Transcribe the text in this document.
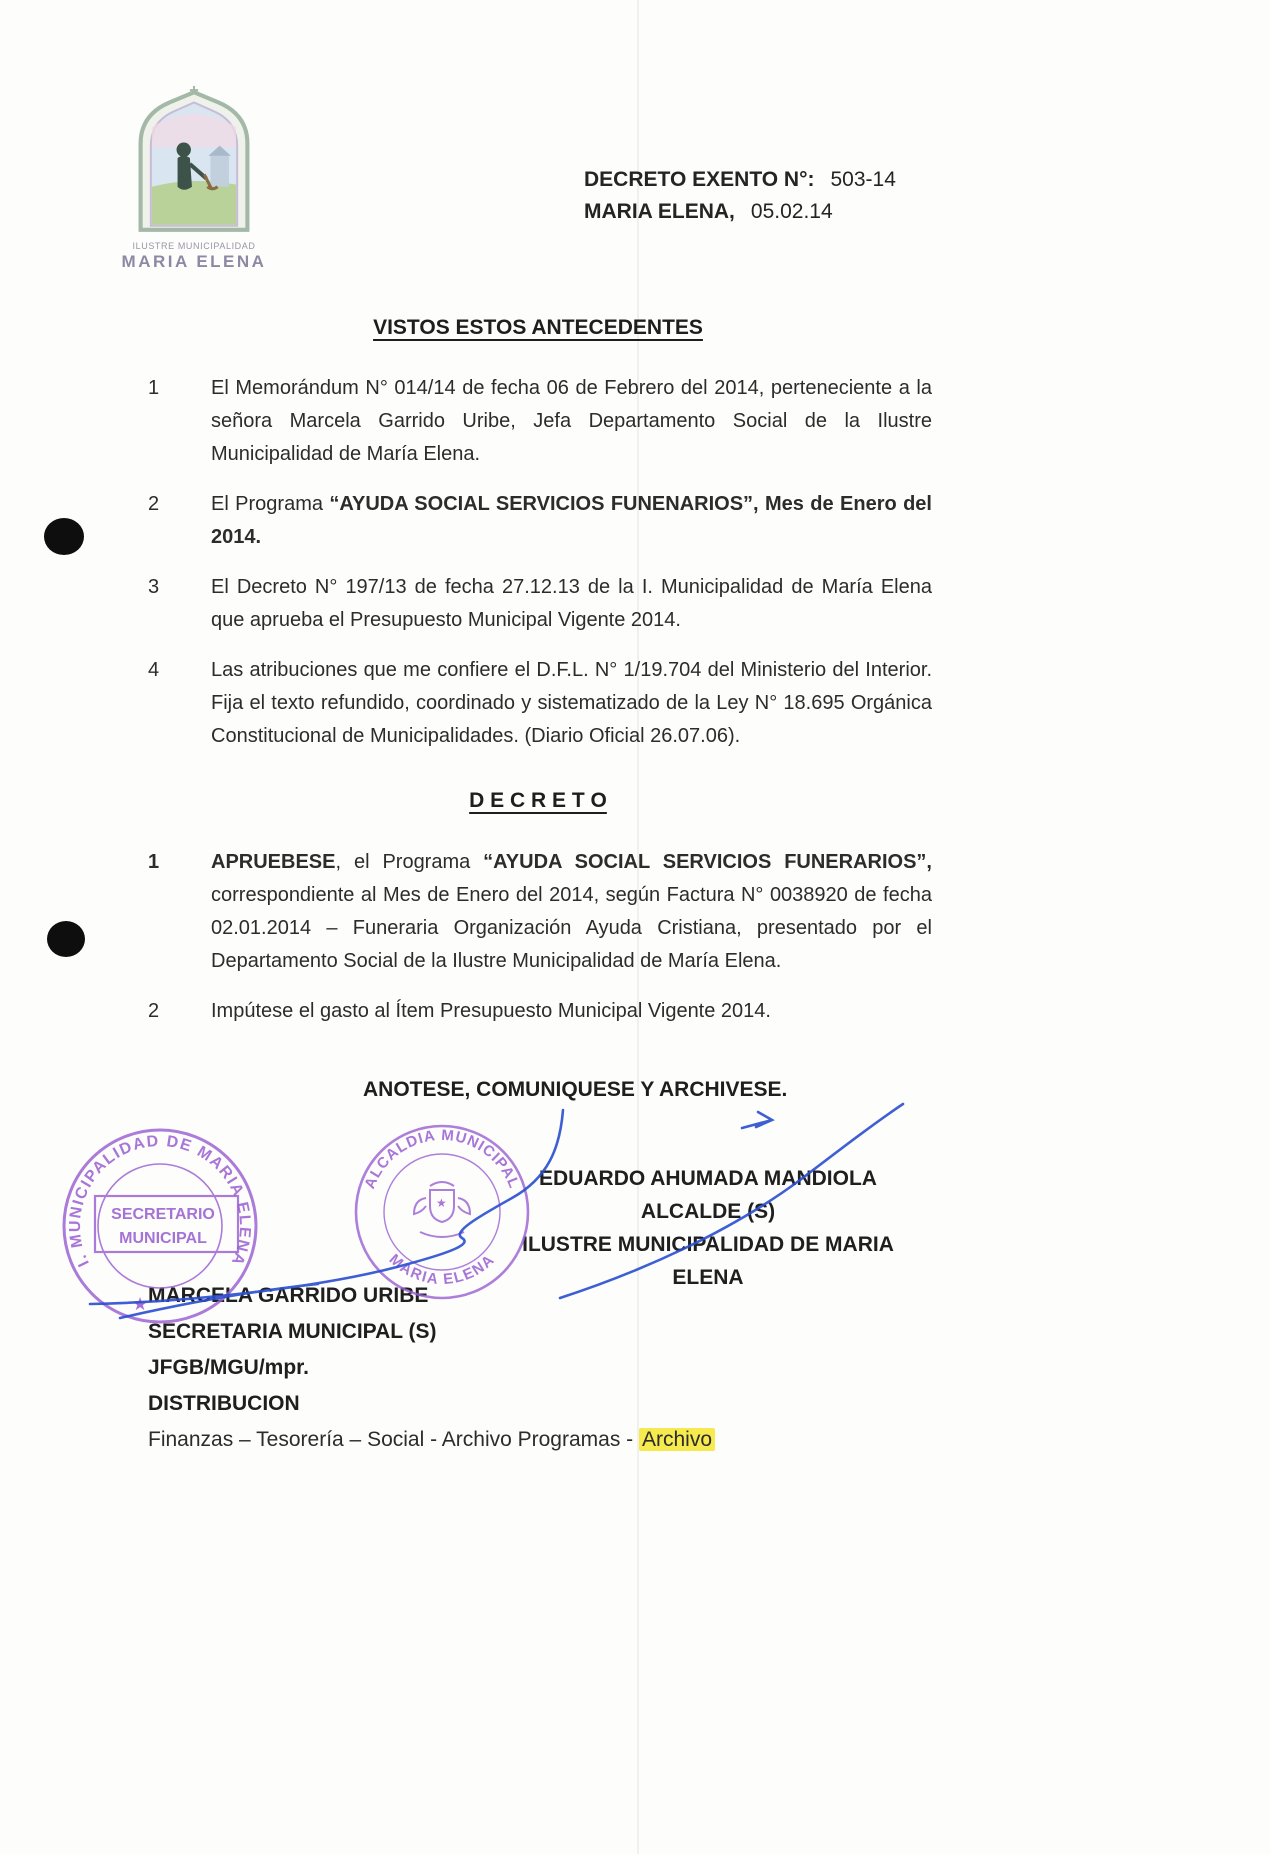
ILUSTRE MUNICIPALIDAD
MARIA ELENA
DECRETO EXENTO N°: 503-14
MARIA ELENA, 05.02.14
VISTOS ESTOS ANTECEDENTES
1	El Memorándum N° 014/14 de fecha 06 de Febrero del 2014, perteneciente a la señora Marcela Garrido Uribe, Jefa Departamento Social de la Ilustre Municipalidad de María Elena.
2	El Programa “AYUDA SOCIAL SERVICIOS FUNENARIOS”, Mes de Enero del 2014.
3	El Decreto N° 197/13 de fecha 27.12.13 de la I. Municipalidad de María Elena que aprueba el Presupuesto Municipal Vigente 2014.
4	Las atribuciones que me confiere el D.F.L. N° 1/19.704 del Ministerio del Interior. Fija el texto refundido, coordinado y sistematizado de la Ley N° 18.695 Orgánica Constitucional de Municipalidades. (Diario Oficial 26.07.06).
D E C R E T O
1	APRUEBESE, el Programa “AYUDA SOCIAL SERVICIOS FUNERARIOS”, correspondiente al Mes de Enero del 2014, según Factura N° 0038920 de fecha 02.01.2014 – Funeraria Organización Ayuda Cristiana, presentado por el Departamento Social de la Ilustre Municipalidad de María Elena.
2	Impútese el gasto al Ítem Presupuesto Municipal Vigente 2014.

ANOTESE, COMUNIQUESE Y ARCHIVESE.

EDUARDO AHUMADA MANDIOLA
ALCALDE (S)
ILUSTRE MUNICIPALIDAD DE MARIA ELENA
MARCELA GARRIDO URIBE
SECRETARIA MUNICIPAL (S)
JFGB/MGU/mpr.
DISTRIBUCION
Finanzas – Tesorería – Social - Archivo Programas - Archivo
I. MUNICIPALIDAD DE MARIA ELENA
SECRETARIO
MUNICIPAL
★
ALCALDIA MUNICIPAL
MARIA ELENA
★
